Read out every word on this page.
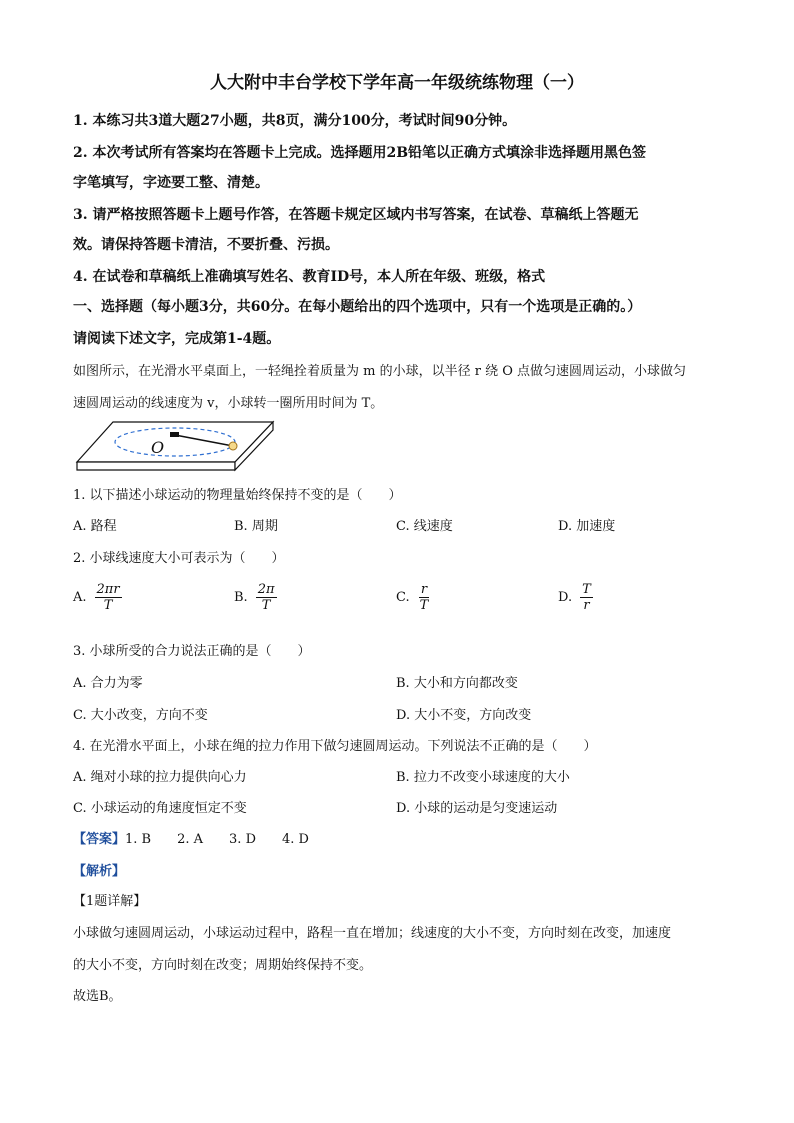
人大附中丰台学校下学年高一年级统练物理（一）
1. 本练习共3道大题27小题，共8页，满分100分，考试时间90分钟。
2. 本次考试所有答案均在答题卡上完成。选择题用2B铅笔以正确方式填涂非选择题用黑色签
字笔填写，字迹要工整、清楚。
3. 请严格按照答题卡上题号作答，在答题卡规定区域内书写答案，在试卷、草稿纸上答题无
效。请保持答题卡清洁，不要折叠、污损。
4. 在试卷和草稿纸上准确填写姓名、教育ID号，本人所在年级、班级，格式
一、选择题（每小题3分，共60分。在每小题给出的四个选项中，只有一个选项是正确的。）
请阅读下述文字，完成第1-4题。
如图所示，在光滑水平桌面上，一轻绳拴着质量为 m 的小球，以半径 r 绕 O 点做匀速圆周运动，小球做匀
速圆周运动的线速度为 v，小球转一圈所用时间为 T。
O
1. 以下描述小球运动的物理量始终保持不变的是（　　）
A. 路程	B. 周期	C. 线速度	D. 加速度
2. 小球线速度大小可表示为（　　）
A. $\frac{2\pi r}{T}$	B. $\frac{2\pi}{T}$	C. $\frac{r}{T}$	D. $\frac{T}{r}$
3. 小球所受的合力说法正确的是（　　）
A. 合力为零	B. 大小和方向都改变
C. 大小改变，方向不变	D. 大小不变，方向改变
4. 在光滑水平面上，小球在绳的拉力作用下做匀速圆周运动。下列说法不正确的是（　　）
A. 绳对小球的拉力提供向心力	B. 拉力不改变小球速度的大小
C. 小球运动的角速度恒定不变	D. 小球的运动是匀变速运动
【答案】1. B　　2. A　　3. D　　4. D
【解析】
【1题详解】
小球做匀速圆周运动，小球运动过程中，路程一直在增加；线速度的大小不变，方向时刻在改变，加速度
的大小不变，方向时刻在改变；周期始终保持不变。
故选B。
